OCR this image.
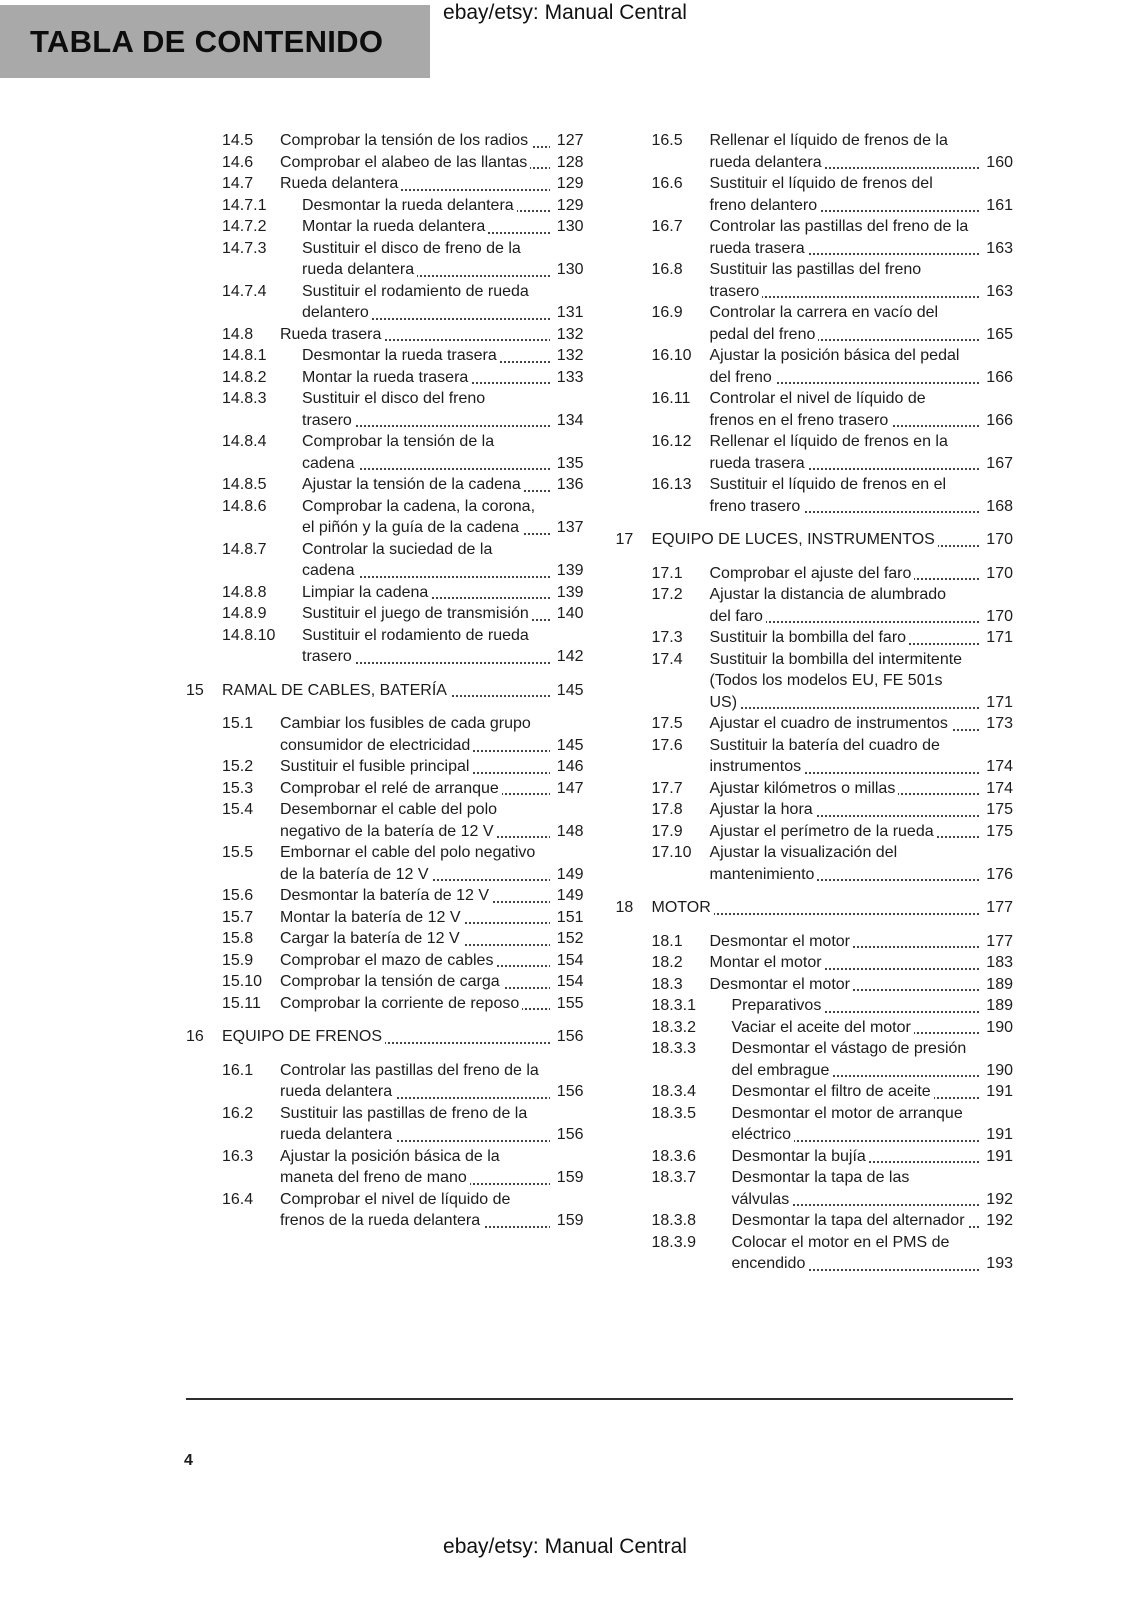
TABLA DE CONTENIDO
ebay/etsy: Manual Central
14.5	Comprobar la tensión de los radios	127
14.6	Comprobar el alabeo de las llantas	128
14.7	Rueda delantera	129
14.7.1	Desmontar la rueda delantera	129
14.7.2	Montar la rueda delantera	130
14.7.3	Sustituir el disco de freno de la rueda delantera	130
14.7.4	Sustituir el rodamiento de rueda delantero	131
14.8	Rueda trasera	132
14.8.1	Desmontar la rueda trasera	132
14.8.2	Montar la rueda trasera	133
14.8.3	Sustituir el disco del freno trasero	134
14.8.4	Comprobar la tensión de la cadena	135
14.8.5	Ajustar la tensión de la cadena	136
14.8.6	Comprobar la cadena, la corona, el piñón y la guía de la cadena	137
14.8.7	Controlar la suciedad de la cadena	139
14.8.8	Limpiar la cadena	139
14.8.9	Sustituir el juego de transmisión	140
14.8.10	Sustituir el rodamiento de rueda trasero	142
15	RAMAL DE CABLES, BATERÍA	145
15.1	Cambiar los fusibles de cada grupo consumidor de electricidad	145
15.2	Sustituir el fusible principal	146
15.3	Comprobar el relé de arranque	147
15.4	Desembornar el cable del polo negativo de la batería de 12 V	148
15.5	Embornar el cable del polo negativo de la batería de 12 V	149
15.6	Desmontar la batería de 12 V	149
15.7	Montar la batería de 12 V	151
15.8	Cargar la batería de 12 V	152
15.9	Comprobar el mazo de cables	154
15.10	Comprobar la tensión de carga	154
15.11	Comprobar la corriente de reposo	155
16	EQUIPO DE FRENOS	156
16.1	Controlar las pastillas del freno de la rueda delantera	156
16.2	Sustituir las pastillas de freno de la rueda delantera	156
16.3	Ajustar la posición básica de la maneta del freno de mano	159
16.4	Comprobar el nivel de líquido de frenos de la rueda delantera	159
16.5	Rellenar el líquido de frenos de la rueda delantera	160
16.6	Sustituir el líquido de frenos del freno delantero	161
16.7	Controlar las pastillas del freno de la rueda trasera	163
16.8	Sustituir las pastillas del freno trasero	163
16.9	Controlar la carrera en vacío del pedal del freno	165
16.10	Ajustar la posición básica del pedal del freno	166
16.11	Controlar el nivel de líquido de frenos en el freno trasero	166
16.12	Rellenar el líquido de frenos en la rueda trasera	167
16.13	Sustituir el líquido de frenos en el freno trasero	168
17	EQUIPO DE LUCES, INSTRUMENTOS	170
17.1	Comprobar el ajuste del faro	170
17.2	Ajustar la distancia de alumbrado del faro	170
17.3	Sustituir la bombilla del faro	171
17.4	Sustituir la bombilla del intermitente (Todos los modelos EU, FE 501s US)	171
17.5	Ajustar el cuadro de instrumentos	173
17.6	Sustituir la batería del cuadro de instrumentos	174
17.7	Ajustar kilómetros o millas	174
17.8	Ajustar la hora	175
17.9	Ajustar el perímetro de la rueda	175
17.10	Ajustar la visualización del mantenimiento	176
18	MOTOR	177
18.1	Desmontar el motor	177
18.2	Montar el motor	183
18.3	Desmontar el motor	189
18.3.1	Preparativos	189
18.3.2	Vaciar el aceite del motor	190
18.3.3	Desmontar el vástago de presión del embrague	190
18.3.4	Desmontar el filtro de aceite	191
18.3.5	Desmontar el motor de arranque eléctrico	191
18.3.6	Desmontar la bujía	191
18.3.7	Desmontar la tapa de las válvulas	192
18.3.8	Desmontar la tapa del alternador	192
18.3.9	Colocar el motor en el PMS de encendido	193
4
ebay/etsy: Manual Central
